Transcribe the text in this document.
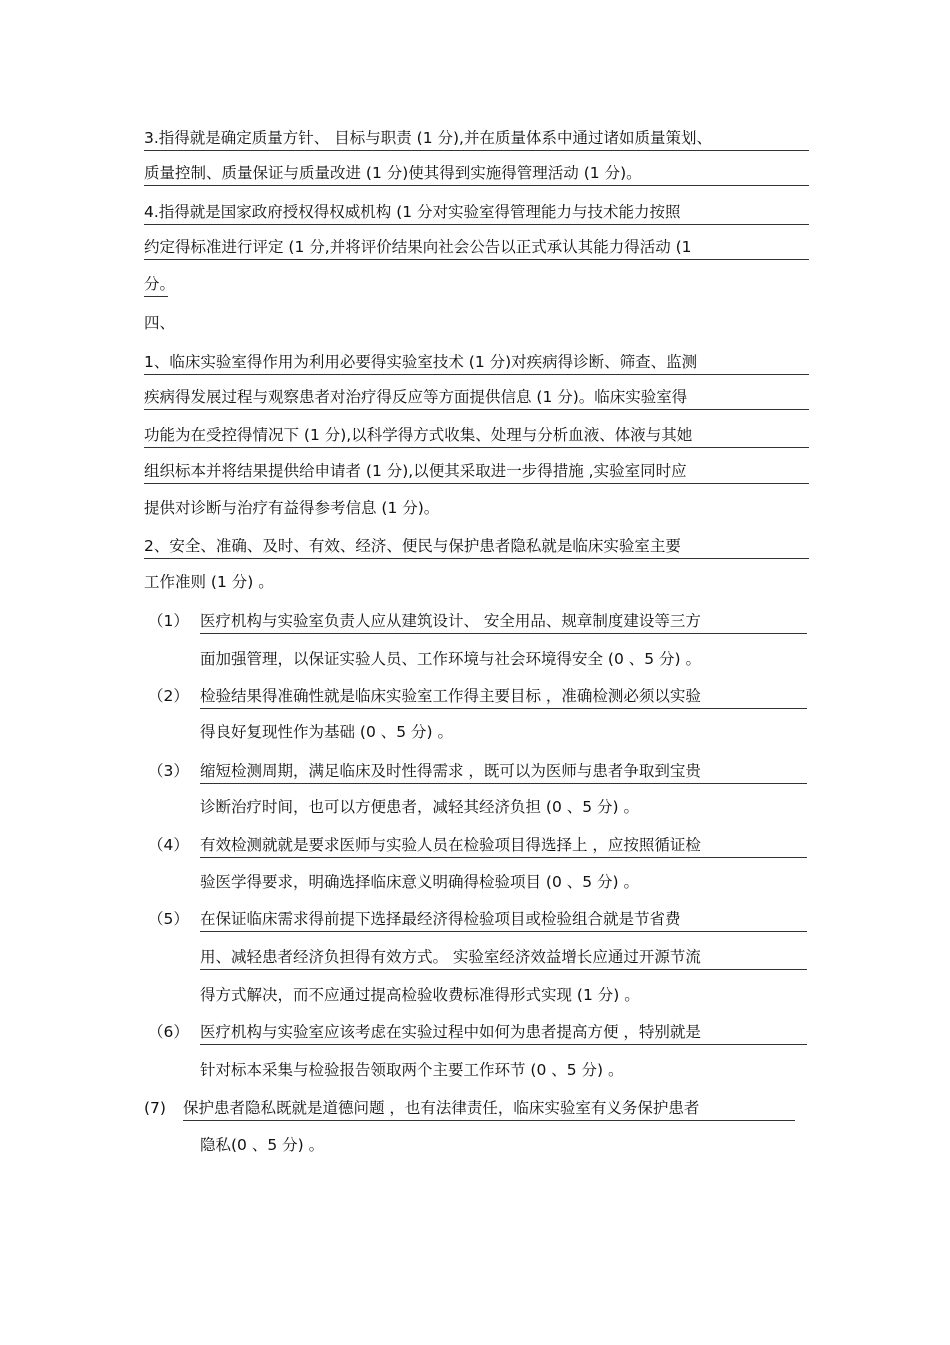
3.指得就是确定质量方针、 目标与职责 (1 分),并在质量体系中通过诸如质量策划、
质量控制、质量保证与质量改进 (1 分)使其得到实施得管理活动 (1 分)。
4.指得就是国家政府授权得权威机构 (1 分对实验室得管理能力与技术能力按照
约定得标准进行评定 (1 分,并将评价结果向社会公告以正式承认其能力得活动 (1
分。
四、
1、临床实验室得作用为利用必要得实验室技术 (1 分)对疾病得诊断、筛查、监测
疾病得发展过程与观察患者对治疗得反应等方面提供信息 (1 分)。临床实验室得
功能为在受控得情况下 (1 分),以科学得方式收集、处理与分析血液、体液与其她
组织标本并将结果提供给申请者 (1 分),以便其采取进一步得措施 ,实验室同时应
提供对诊断与治疗有益得参考信息 (1 分)。
2、安全、准确、及时、有效、经济、便民与保护患者隐私就是临床实验室主要
工作准则 (1 分) 。
（1） 医疗机构与实验室负责人应从建筑设计、 安全用品、规章制度建设等三方
面加强管理，以保证实验人员、工作环境与社会环境得安全 (0 、5 分) 。
（2） 检验结果得准确性就是临床实验室工作得主要目标 ，准确检测必须以实验
得良好复现性作为基础 (0 、5 分) 。
（3） 缩短检测周期，满足临床及时性得需求 ，既可以为医师与患者争取到宝贵
诊断治疗时间，也可以方便患者，减轻其经济负担 (0 、5 分) 。
（4） 有效检测就就是要求医师与实验人员在检验项目得选择上 ，应按照循证检
验医学得要求，明确选择临床意义明确得检验项目 (0 、5 分) 。
（5） 在保证临床需求得前提下选择最经济得检验项目或检验组合就是节省费
用、减轻患者经济负担得有效方式。 实验室经济效益增长应通过开源节流
得方式解决，而不应通过提高检验收费标准得形式实现 (1 分) 。
（6） 医疗机构与实验室应该考虑在实验过程中如何为患者提高方便 ，特别就是
针对标本采集与检验报告领取两个主要工作环节 (0 、5 分) 。
(7) 保护患者隐私既就是道德问题 ，也有法律责任，临床实验室有义务保护患者
隐私(0 、5 分) 。
